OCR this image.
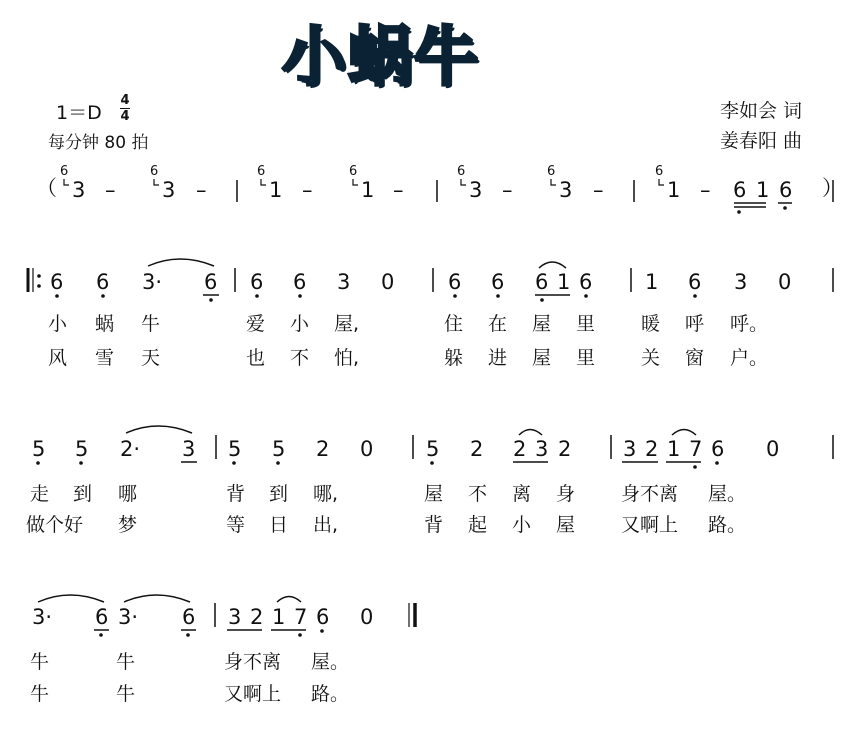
小蜗牛
1＝D
4
4
每分钟 80 拍
李如会 词
姜春阳 曲
（	）
6	6	6	6	6	6	6
3 – 3 –	1 – 1 –	3 – 3 –	1 – 6 1 6
6 6 3· 6 6 6 3 0	6 6 6 1 6	1 6 3 0
小 蜗 牛	爱 小 屋,	住 在 屋 里 暖 呼 呼。
风 雪 天	也 不 怕,	躲 进 屋 里 关 窗 户。
5 5 2· 3 5 5 2 0	5 2 2 3 2 3 2 1 7 6 0
走 到 哪	背 到 哪,	屋 不 离 身 身不离 屋。
做个好 梦	等 日 出,	背 起 小 屋 又啊上 路。
3· 6 3· 6 3 2 1 7 6 0
牛	牛	身不离 屋。
牛	牛	又啊上 路。
